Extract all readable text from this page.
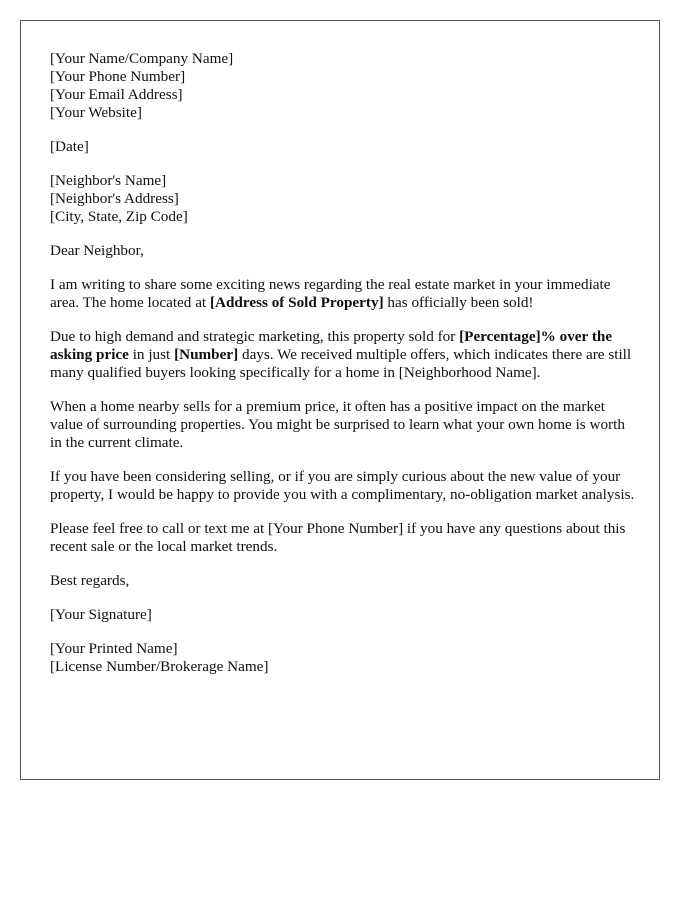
[Your Name/Company Name]
[Your Phone Number]
[Your Email Address]
[Your Website]
[Date]
[Neighbor's Name]
[Neighbor's Address]
[City, State, Zip Code]

Dear Neighbor,

I am writing to share some exciting news regarding the real estate market in your immediate area. The home located at [Address of Sold Property] has officially been sold!

Due to high demand and strategic marketing, this property sold for [Percentage]% over the asking price in just [Number] days. We received multiple offers, which indicates there are still many qualified buyers looking specifically for a home in [Neighborhood Name].

When a home nearby sells for a premium price, it often has a positive impact on the market value of surrounding properties. You might be surprised to learn what your own home is worth in the current climate.

If you have been considering selling, or if you are simply curious about the new value of your property, I would be happy to provide you with a complimentary, no-obligation market analysis.

Please feel free to call or text me at [Your Phone Number] if you have any questions about this recent sale or the local market trends.

Best regards,

[Your Signature]

[Your Printed Name]
[License Number/Brokerage Name]
